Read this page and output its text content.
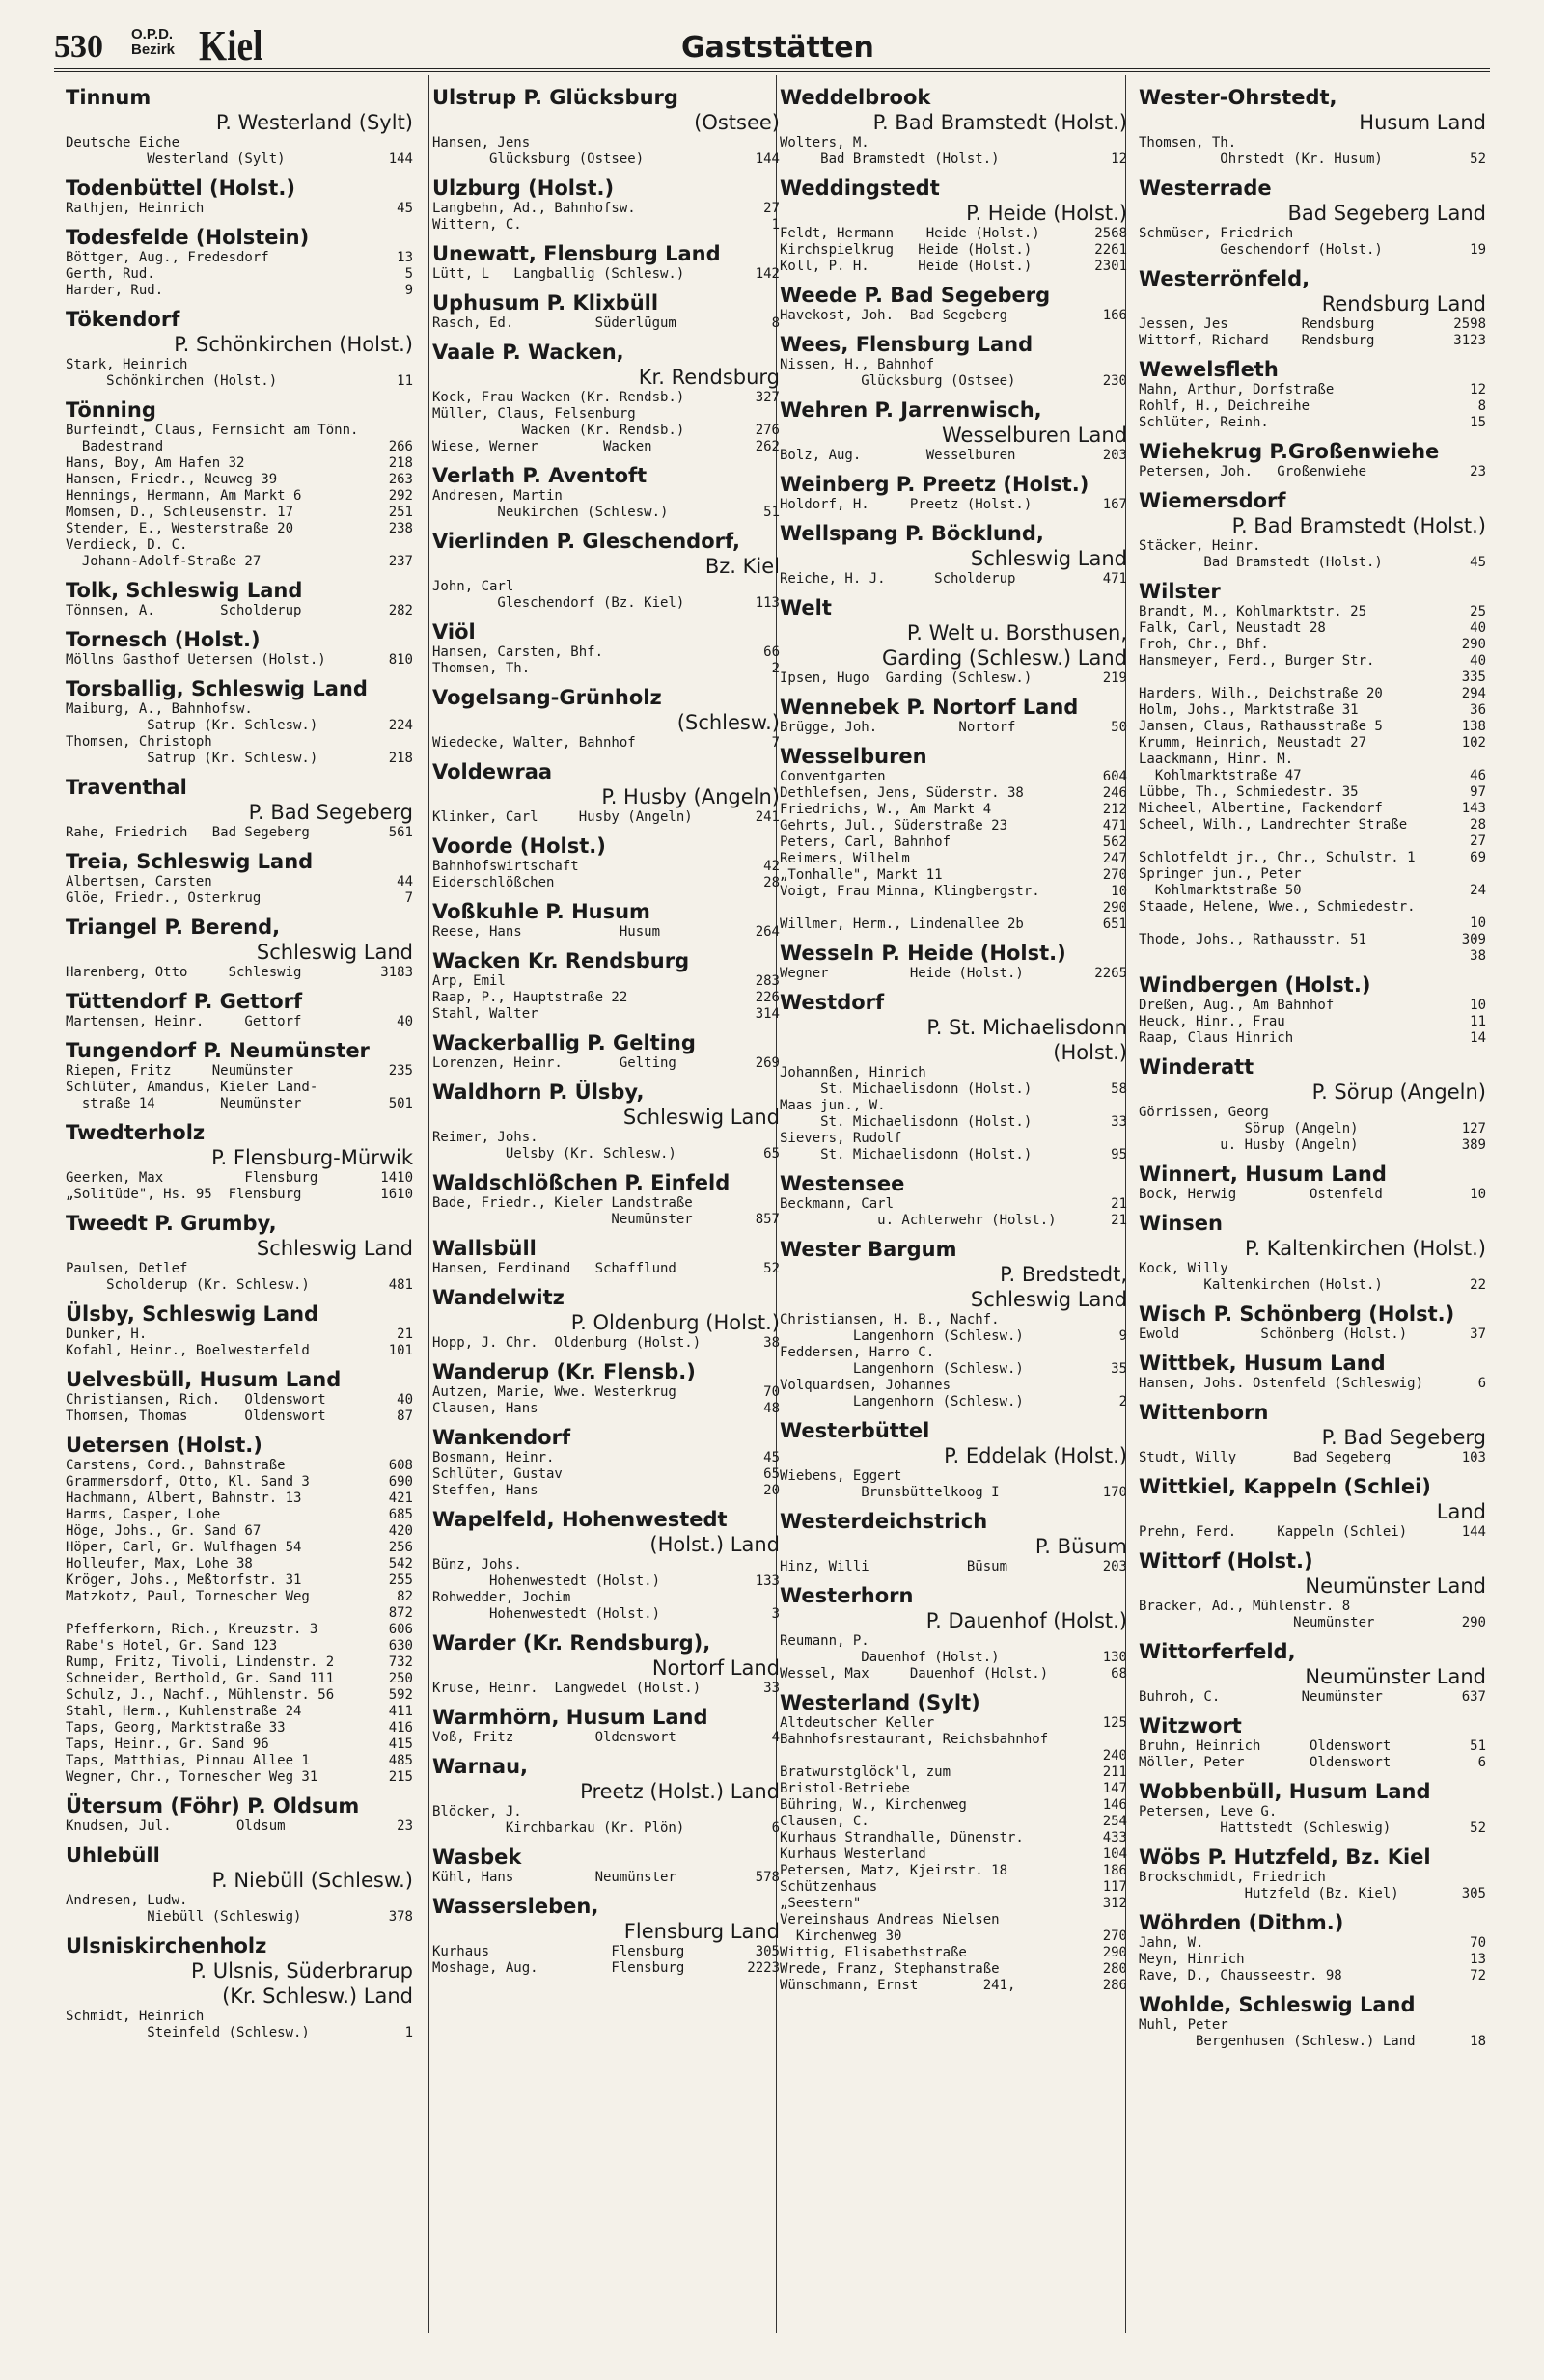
530 O.P.D.
Bezirk Kiel	Gaststätten
Tinnum
P. Westerland (Sylt)
Deutsche Eiche
Westerland (Sylt)	144
Todenbüttel (Holst.)
Rathjen, Heinrich	45
Todesfelde (Holstein)
Böttger, Aug., Fredesdorf	13
Gerth, Rud.	5
Harder, Rud.	9
Tökendorf
P. Schönkirchen (Holst.)
Stark, Heinrich
Schönkirchen (Holst.)	11
Tönning
Burfeindt, Claus, Fernsicht am Tönn.
Badestrand	266
Hans, Boy, Am Hafen 32	218
Hansen, Friedr., Neuweg 39	263
Hennings, Hermann, Am Markt 6	292
Momsen, D., Schleusenstr. 17	251
Stender, E., Westerstraße 20	238
Verdieck, D. C.
Johann-Adolf-Straße 27	237
Tolk, Schleswig Land
Tönnsen, A.        Scholderup	282
Tornesch (Holst.)
Möllns Gasthof Uetersen (Holst.)	810
Torsballig, Schleswig Land
Maiburg, A., Bahnhofsw.
Satrup (Kr. Schlesw.)	224
Thomsen, Christoph
Satrup (Kr. Schlesw.)	218
Traventhal
P. Bad Segeberg
Rahe, Friedrich   Bad Segeberg	561
Treia, Schleswig Land
Albertsen, Carsten	44
Glöe, Friedr., Osterkrug	7
Triangel P. Berend,
Schleswig Land
Harenberg, Otto     Schleswig	3183
Tüttendorf P. Gettorf
Martensen, Heinr.     Gettorf	40
Tungendorf P. Neumünster
Riepen, Fritz     Neumünster	235
Schlüter, Amandus, Kieler Land-
straße 14        Neumünster	501
Twedterholz
P. Flensburg-Mürwik
Geerken, Max          Flensburg	1410
„Solitüde", Hs. 95  Flensburg	1610
Tweedt P. Grumby,
Schleswig Land
Paulsen, Detlef
Scholderup (Kr. Schlesw.)	481
Ülsby, Schleswig Land
Dunker, H.	21
Kofahl, Heinr., Boelwesterfeld	101
Uelvesbüll, Husum Land
Christiansen, Rich.   Oldenswort	40
Thomsen, Thomas       Oldenswort	87
Uetersen (Holst.)
Carstens, Cord., Bahnstraße	608
Grammersdorf, Otto, Kl. Sand 3	690
Hachmann, Albert, Bahnstr. 13	421
Harms, Casper, Lohe	685
Höge, Johs., Gr. Sand 67	420
Höper, Carl, Gr. Wulfhagen 54	256
Holleufer, Max, Lohe 38	542
Kröger, Johs., Meßtorfstr. 31	255
Matzkotz, Paul, Tornescher Weg	82
872
Pfefferkorn, Rich., Kreuzstr. 3	606
Rabe's Hotel, Gr. Sand 123	630
Rump, Fritz, Tivoli, Lindenstr. 2	732
Schneider, Berthold, Gr. Sand 111	250
Schulz, J., Nachf., Mühlenstr. 56	592
Stahl, Herm., Kuhlenstraße 24	411
Taps, Georg, Marktstraße 33	416
Taps, Heinr., Gr. Sand 96	415
Taps, Matthias, Pinnau Allee 1	485
Wegner, Chr., Tornescher Weg 31	215
Ütersum (Föhr) P. Oldsum
Knudsen, Jul.        Oldsum	23
Uhlebüll
P. Niebüll (Schlesw.)
Andresen, Ludw.
Niebüll (Schleswig)	378
Ulsniskirchenholz
P. Ulsnis, Süderbrarup
(Kr. Schlesw.) Land
Schmidt, Heinrich
Steinfeld (Schlesw.)	1
Ulstrup P. Glücksburg
(Ostsee)
Hansen, Jens
Glücksburg (Ostsee)	144
Ulzburg (Holst.)
Langbehn, Ad., Bahnhofsw.	27
Wittern, C.	1
Unewatt, Flensburg Land
Lütt, L   Langballig (Schlesw.)	142
Uphusum P. Klixbüll
Rasch, Ed.          Süderlügum	8
Vaale P. Wacken,
Kr. Rendsburg
Kock, Frau Wacken (Kr. Rendsb.)	327
Müller, Claus, Felsenburg
Wacken (Kr. Rendsb.)	276
Wiese, Werner        Wacken	262
Verlath P. Aventoft
Andresen, Martin
Neukirchen (Schlesw.)	51
Vierlinden P. Gleschendorf,
Bz. Kiel
John, Carl
Gleschendorf (Bz. Kiel)	113
Viöl
Hansen, Carsten, Bhf.	66
Thomsen, Th.	2
Vogelsang-Grünholz
(Schlesw.)
Wiedecke, Walter, Bahnhof	7
Voldewraa
P. Husby (Angeln)
Klinker, Carl     Husby (Angeln)	241
Voorde (Holst.)
Bahnhofswirtschaft	42
Eiderschlößchen	28
Voßkuhle P. Husum
Reese, Hans            Husum	264
Wacken Kr. Rendsburg
Arp, Emil	283
Raap, P., Hauptstraße 22	226
Stahl, Walter	314
Wackerballig P. Gelting
Lorenzen, Heinr.       Gelting	269
Waldhorn P. Ülsby,
Schleswig Land
Reimer, Johs.
Uelsby (Kr. Schlesw.)	65
Waldschlößchen P. Einfeld
Bade, Friedr., Kieler Landstraße
Neumünster	857
Wallsbüll
Hansen, Ferdinand   Schafflund	52
Wandelwitz
P. Oldenburg (Holst.)
Hopp, J. Chr.  Oldenburg (Holst.)	38
Wanderup (Kr. Flensb.)
Autzen, Marie, Wwe. Westerkrug	70
Clausen, Hans	48
Wankendorf
Bosmann, Heinr.	45
Schlüter, Gustav	65
Steffen, Hans	20
Wapelfeld, Hohenwestedt
(Holst.) Land
Bünz, Johs.
Hohenwestedt (Holst.)	133
Rohwedder, Jochim
Hohenwestedt (Holst.)	3
Warder (Kr. Rendsburg),
Nortorf Land
Kruse, Heinr.  Langwedel (Holst.)	33
Warmhörn, Husum Land
Voß, Fritz          Oldenswort	4
Warnau,
Preetz (Holst.) Land
Blöcker, J.
Kirchbarkau (Kr. Plön)	6
Wasbek
Kühl, Hans          Neumünster	578
Wassersleben,
Flensburg Land
Kurhaus               Flensburg	305
Moshage, Aug.         Flensburg	2223
Weddelbrook
P. Bad Bramstedt (Holst.)
Wolters, M.
Bad Bramstedt (Holst.)	12
Weddingstedt
P. Heide (Holst.)
Feldt, Hermann    Heide (Holst.)	2568
Kirchspielkrug   Heide (Holst.)	2261
Koll, P. H.      Heide (Holst.)	2301
Weede P. Bad Segeberg
Havekost, Joh.  Bad Segeberg	166
Wees, Flensburg Land
Nissen, H., Bahnhof
Glücksburg (Ostsee)	230
Wehren P. Jarrenwisch,
Wesselburen Land
Bolz, Aug.        Wesselburen	203
Weinberg P. Preetz (Holst.)
Holdorf, H.     Preetz (Holst.)	167
Wellspang P. Böcklund,
Schleswig Land
Reiche, H. J.      Scholderup	471
Welt
P. Welt u. Borsthusen,
Garding (Schlesw.) Land
Ipsen, Hugo  Garding (Schlesw.)	219
Wennebek P. Nortorf Land
Brügge, Joh.          Nortorf	50
Wesselburen
Conventgarten	604
Dethlefsen, Jens, Süderstr. 38	246
Friedrichs, W., Am Markt 4	212
Gehrts, Jul., Süderstraße 23	471
Peters, Carl, Bahnhof	562
Reimers, Wilhelm	247
„Tonhalle", Markt 11	270
Voigt, Frau Minna, Klingbergstr.	10
290
Willmer, Herm., Lindenallee 2b	651
Wesseln P. Heide (Holst.)
Wegner          Heide (Holst.)	2265
Westdorf
P. St. Michaelisdonn
(Holst.)
Johannßen, Hinrich
St. Michaelisdonn (Holst.)	58
Maas jun., W.
St. Michaelisdonn (Holst.)	33
Sievers, Rudolf
St. Michaelisdonn (Holst.)	95
Westensee
Beckmann, Carl	21
u. Achterwehr (Holst.)	21
Wester Bargum
P. Bredstedt,
Schleswig Land
Christiansen, H. B., Nachf.
Langenhorn (Schlesw.)	9
Feddersen, Harro C.
Langenhorn (Schlesw.)	35
Volquardsen, Johannes
Langenhorn (Schlesw.)	2
Westerbüttel
P. Eddelak (Holst.)
Wiebens, Eggert
Brunsbüttelkoog I	170
Westerdeichstrich
P. Büsum
Hinz, Willi            Büsum	203
Westerhorn
P. Dauenhof (Holst.)
Reumann, P.
Dauenhof (Holst.)	130
Wessel, Max     Dauenhof (Holst.)	68
Westerland (Sylt)
Altdeutscher Keller	125
Bahnhofsrestaurant, Reichsbahnhof
240
Bratwurstglöck'l, zum	211
Bristol-Betriebe	147
Bühring, W., Kirchenweg	146
Clausen, C.	254
Kurhaus Strandhalle, Dünenstr.	433
Kurhaus Westerland	104
Petersen, Matz, Kjeirstr. 18	186
Schützenhaus	117
„Seestern"	312
Vereinshaus Andreas Nielsen
Kirchenweg 30	270
Wittig, Elisabethstraße	290
Wrede, Franz, Stephanstraße	280
Wünschmann, Ernst        241,	286
Wester-Ohrstedt,
Husum Land
Thomsen, Th.
Ohrstedt (Kr. Husum)	52
Westerrade
Bad Segeberg Land
Schmüser, Friedrich
Geschendorf (Holst.)	19
Westerrönfeld,
Rendsburg Land
Jessen, Jes         Rendsburg	2598
Wittorf, Richard    Rendsburg	3123
Wewelsfleth
Mahn, Arthur, Dorfstraße	12
Rohlf, H., Deichreihe	8
Schlüter, Reinh.	15
Wiehekrug P.Großenwiehe
Petersen, Joh.   Großenwiehe	23
Wiemersdorf
P. Bad Bramstedt (Holst.)
Stäcker, Heinr.
Bad Bramstedt (Holst.)	45
Wilster
Brandt, M., Kohlmarktstr. 25	25
Falk, Carl, Neustadt 28	40
Froh, Chr., Bhf.	290
Hansmeyer, Ferd., Burger Str.	40
335
Harders, Wilh., Deichstraße 20	294
Holm, Johs., Marktstraße 31	36
Jansen, Claus, Rathausstraße 5	138
Krumm, Heinrich, Neustadt 27	102
Laackmann, Hinr. M.
Kohlmarktstraße 47	46
Lübbe, Th., Schmiedestr. 35	97
Micheel, Albertine, Fackendorf	143
Scheel, Wilh., Landrechter Straße	28
27
Schlotfeldt jr., Chr., Schulstr. 1	69
Springer jun., Peter
Kohlmarktstraße 50	24
Staade, Helene, Wwe., Schmiedestr.
10
Thode, Johs., Rathausstr. 51	309
38
Windbergen (Holst.)
Dreßen, Aug., Am Bahnhof	10
Heuck, Hinr., Frau	11
Raap, Claus Hinrich	14
Winderatt
P. Sörup (Angeln)
Görrissen, Georg
Sörup (Angeln)	127
u. Husby (Angeln)	389
Winnert, Husum Land
Bock, Herwig         Ostenfeld	10
Winsen
P. Kaltenkirchen (Holst.)
Kock, Willy
Kaltenkirchen (Holst.)	22
Wisch P. Schönberg (Holst.)
Ewold          Schönberg (Holst.)	37
Wittbek, Husum Land
Hansen, Johs. Ostenfeld (Schleswig)	6
Wittenborn
P. Bad Segeberg
Studt, Willy       Bad Segeberg	103
Wittkiel, Kappeln (Schlei)
Land
Prehn, Ferd.     Kappeln (Schlei)	144
Wittorf (Holst.)
Neumünster Land
Bracker, Ad., Mühlenstr. 8
Neumünster	290
Wittorferfeld,
Neumünster Land
Buhroh, C.          Neumünster	637
Witzwort
Bruhn, Heinrich      Oldenswort	51
Möller, Peter        Oldenswort	6
Wobbenbüll, Husum Land
Petersen, Leve G.
Hattstedt (Schleswig)	52
Wöbs P. Hutzfeld, Bz. Kiel
Brockschmidt, Friedrich
Hutzfeld (Bz. Kiel)	305
Wöhrden (Dithm.)
Jahn, W.	70
Meyn, Hinrich	13
Rave, D., Chausseestr. 98	72
Wohlde, Schleswig Land
Muhl, Peter
Bergenhusen (Schlesw.) Land	18
